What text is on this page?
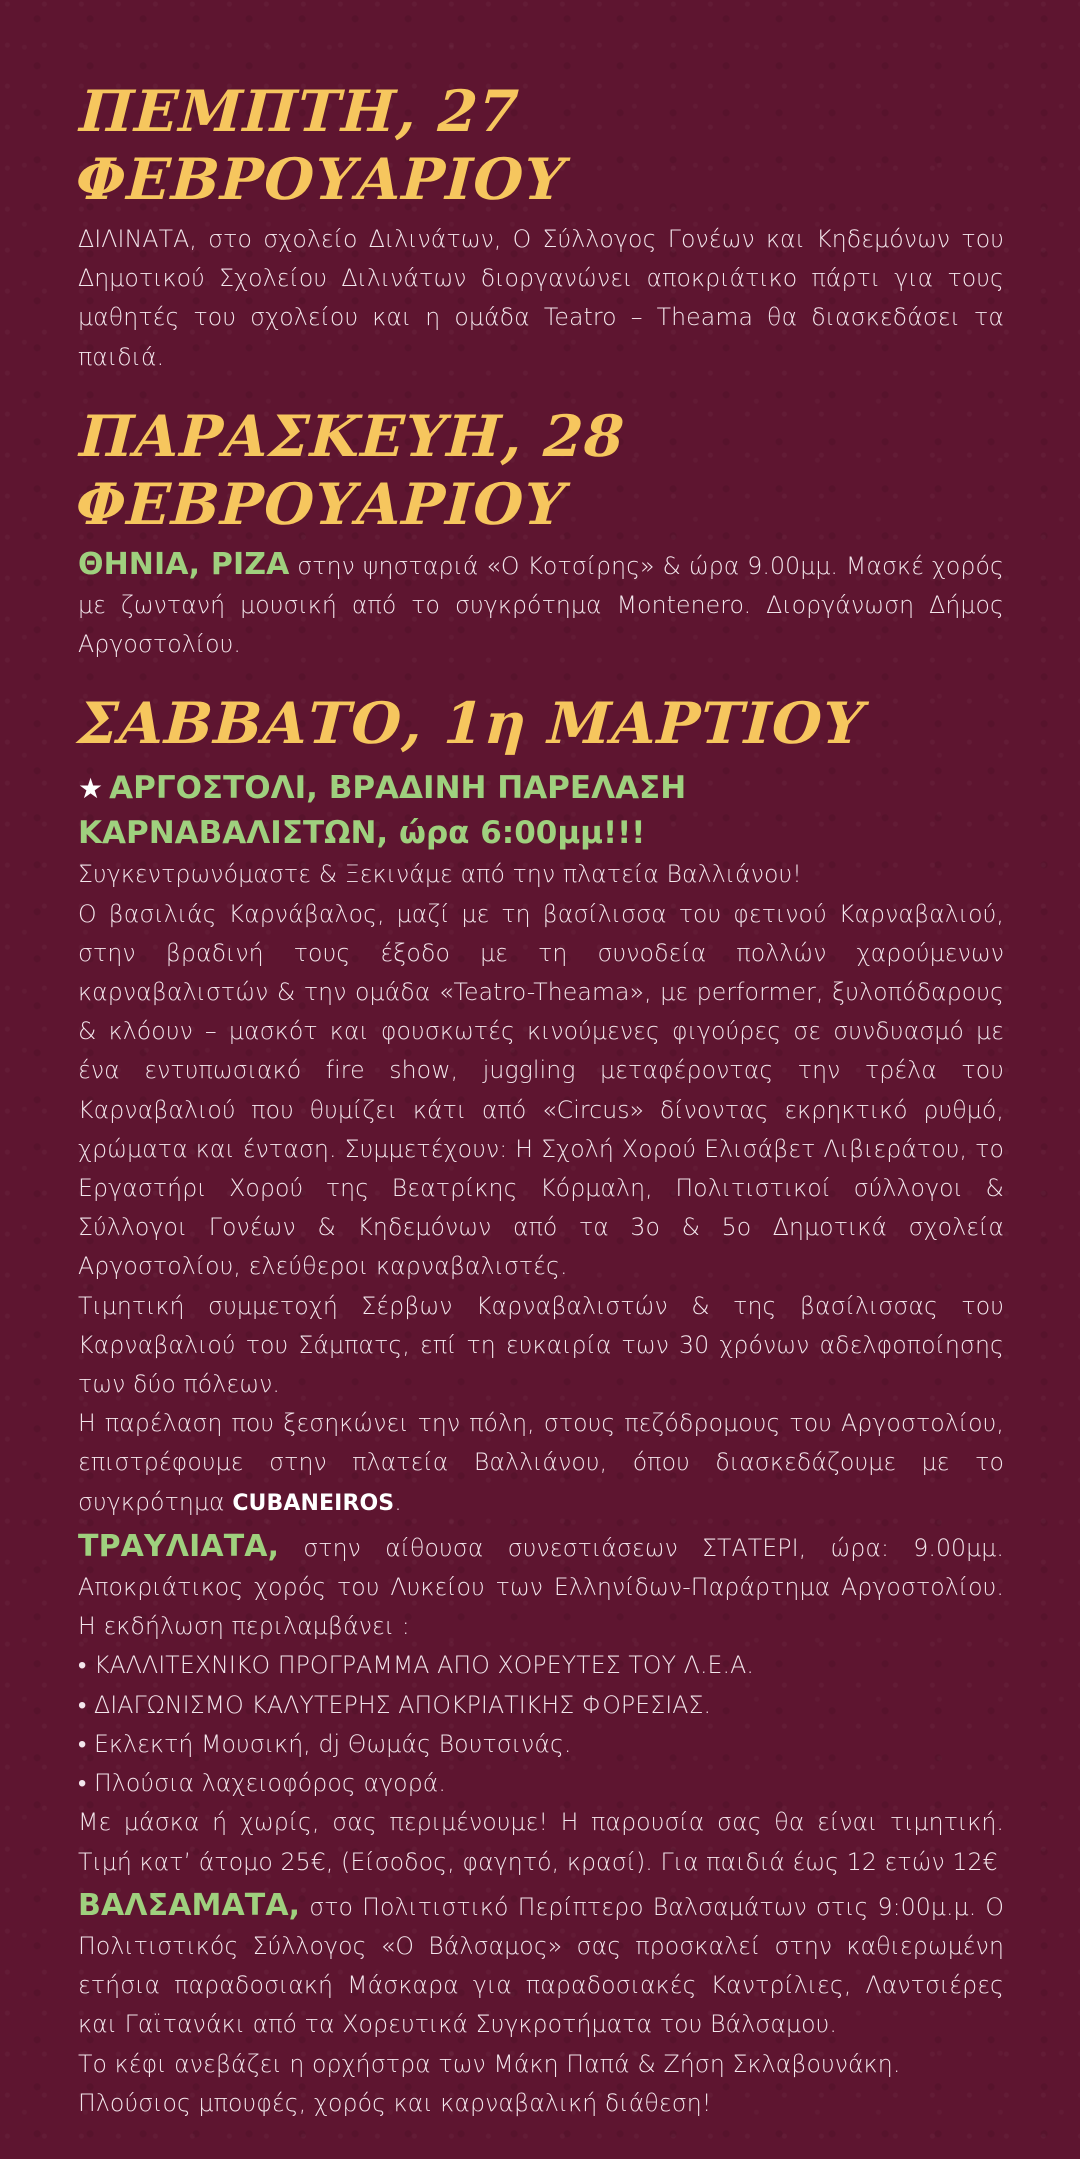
ΠΕΜΠΤΗ, 27 ΦΕΒΡΟΥΑΡΙΟΥ

ΔΙΛΙΝΑΤΑ, στο σχολείο Διλινάτων, Ο Σύλλογος Γονέων και Κηδεμόνων του Δημοτικού Σχολείου Διλινάτων διοργανώνει αποκριάτικο πάρτι για τους μαθητές του σχολείου και η ομάδα Teatro – Theama θα διασκεδάσει τα παιδιά.

ΠΑΡΑΣΚΕΥΗ, 28 ΦΕΒΡΟΥΑΡΙΟΥ

ΘΗΝΙΑ, ΡΙΖΑ στην ψησταριά «Ο Κοτσίρης» & ώρα 9.00μμ. Μασκέ χορός με ζωντανή μουσική από το συγκρότημα Montenero. Διοργάνωση Δήμος Αργοστολίου.

ΣΑΒΒΑΤΟ, 1η ΜΑΡΤΙΟΥ

★ ΑΡΓΟΣΤΟΛΙ, ΒΡΑΔΙΝΗ ΠΑΡΕΛΑΣΗ

ΚΑΡΝΑΒΑΛΙΣΤΩΝ, ώρα 6:00μμ!!!

Συγκεντρωνόμαστε & Ξεκινάμε από την πλατεία Βαλλιάνου!

Ο βασιλιάς Καρνάβαλος, μαζί με τη βασίλισσα του φετινού Καρναβαλιού, στην βραδινή τους έξοδο με τη συνοδεία πολλών χαρούμενων καρναβαλιστών & την ομάδα «Teatro-Theama», με performer, ξυλοπόδαρους & κλόουν – μασκότ και φουσκωτές κινούμενες φιγούρες σε συνδυασμό με ένα εντυπωσιακό fire show, juggling μεταφέροντας την τρέλα του Καρναβαλιού που θυμίζει κάτι από «Circus» δίνοντας εκρηκτικό ρυθμό, χρώματα και ένταση. Συμμετέχουν: Η Σχολή Χορού Ελισάβετ Λιβιεράτου, το Εργαστήρι Χορού της Βεατρίκης Κόρμαλη, Πολιτιστικοί σύλλογοι & Σύλλογοι Γονέων & Κηδεμόνων από τα 3ο & 5ο Δημοτικά σχολεία Αργοστολίου, ελεύθεροι καρναβαλιστές.

Τιμητική συμμετοχή Σέρβων Καρναβαλιστών & της βασίλισσας του Καρναβαλιού του Σάμπατς, επί τη ευκαιρία των 30 χρόνων αδελφοποίησης των δύο πόλεων.

Η παρέλαση που ξεσηκώνει την πόλη, στους πεζόδρομους του Αργοστολίου, επιστρέφουμε στην πλατεία Βαλλιάνου, όπου διασκεδάζουμε με το συγκρότημα CUBANEIROS.

ΤΡΑΥΛΙΑΤΑ, στην αίθουσα συνεστιάσεων ΣΤΑΤΕΡΙ, ώρα: 9.00μμ. Αποκριάτικος χορός του Λυκείου των Ελληνίδων-Παράρτημα Αργοστολίου. Η εκδήλωση περιλαμβάνει :

• ΚΑΛΛΙΤΕΧΝΙΚΟ ΠΡΟΓΡΑΜΜΑ ΑΠΟ ΧΟΡΕΥΤΕΣ ΤΟΥ Λ.Ε.Α.
• ΔΙΑΓΩΝΙΣΜΟ ΚΑΛΥΤΕΡΗΣ ΑΠΟΚΡΙΑΤΙΚΗΣ ΦΟΡΕΣΙΑΣ.
• Εκλεκτή Μουσική, dj Θωμάς Βουτσινάς.
• Πλούσια λαχειοφόρος αγορά.

Με μάσκα ή χωρίς, σας περιμένουμε! Η παρουσία σας θα είναι τιμητική. Τιμή κατ’ άτομο 25€, (Είσοδος, φαγητό, κρασί). Για παιδιά έως 12 ετών 12€

ΒΑΛΣΑΜΑΤΑ, στο Πολιτιστικό Περίπτερο Βαλσαμάτων στις 9:00μ.μ. Ο Πολιτιστικός Σύλλογος «Ο Βάλσαμος» σας προσκαλεί στην καθιερωμένη ετήσια παραδοσιακή Μάσκαρα για παραδοσιακές Καντρίλιες, Λαντσιέρες και Γαϊτανάκι από τα Χορευτικά Συγκροτήματα του Βάλσαμου.

Το κέφι ανεβάζει η ορχήστρα των Μάκη Παπά & Ζήση Σκλαβουνάκη.

Πλούσιος μπουφές, χορός και καρναβαλική διάθεση!
